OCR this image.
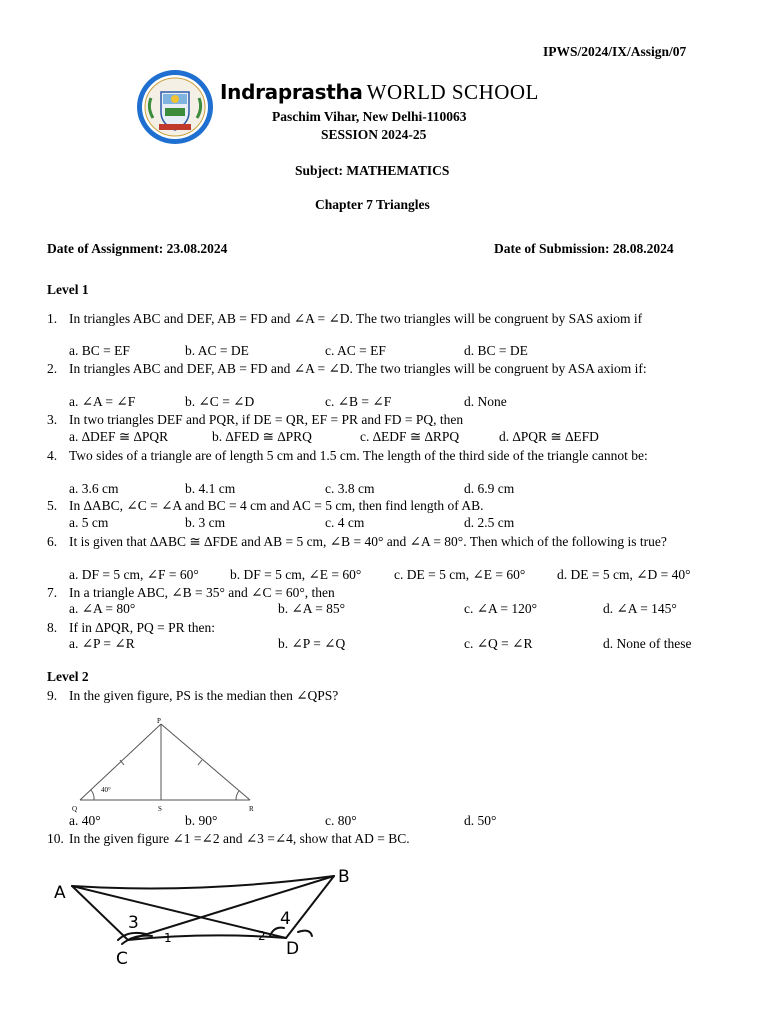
IPWS/2024/IX/Assign/07
Indraprastha WORLD SCHOOL
Paschim Vihar, New Delhi-110063
SESSION 2024-25
Subject: MATHEMATICS
Chapter 7 Triangles
Date of Assignment: 23.08.2024	Date of Submission: 28.08.2024
Level 1
1. In triangles ABC and DEF, AB = FD and ∠A = ∠D. The two triangles will be congruent by SAS axiom if
a. BC = EF	b. AC = DE	c. AC = EF	d. BC = DE
2. In triangles ABC and DEF, AB = FD and ∠A = ∠D. The two triangles will be congruent by ASA axiom if:
a. ∠A = ∠F	b. ∠C = ∠D	c. ∠B = ∠F	d. None
3. In two triangles DEF and PQR, if DE = QR, EF = PR and FD = PQ, then
a. ∆DEF ≅ ∆PQR	b. ∆FED ≅ ∆PRQ	c. ∆EDF ≅ ∆RPQ	d. ∆PQR ≅ ∆EFD
4. Two sides of a triangle are of length 5 cm and 1.5 cm. The length of the third side of the triangle cannot be:
a. 3.6 cm	b. 4.1 cm	c. 3.8 cm	d. 6.9 cm
5. In ∆ABC, ∠C = ∠A and BC = 4 cm and AC = 5 cm, then find length of AB.
a. 5 cm	b. 3 cm	c. 4 cm	d. 2.5 cm
6. It is given that ∆ABC ≅ ∆FDE and AB = 5 cm, ∠B = 40° and ∠A = 80°. Then which of the following is true?
a. DF = 5 cm, ∠F = 60° b. DF = 5 cm, ∠E = 60° c. DE = 5 cm, ∠E = 60° d. DE = 5 cm, ∠D = 40°
7. In a triangle ABC, ∠B = 35° and ∠C = 60°, then
a. ∠A = 80°	b. ∠A = 85°	c. ∠A = 120°	d. ∠A = 145°
8. If in ∆PQR, PQ = PR then:
a. ∠P = ∠R	b. ∠P = ∠Q	c. ∠Q = ∠R	d. None of these
Level 2
9. In the given figure, PS is the median then ∠QPS?
P
Q	S	R
40°
a. 40°	b. 90°	c. 80°	d. 50°
10. In the given figure ∠1 =∠2 and ∠3 =∠4, show that AD = BC.
A
B
C	D
1	2
3	4
